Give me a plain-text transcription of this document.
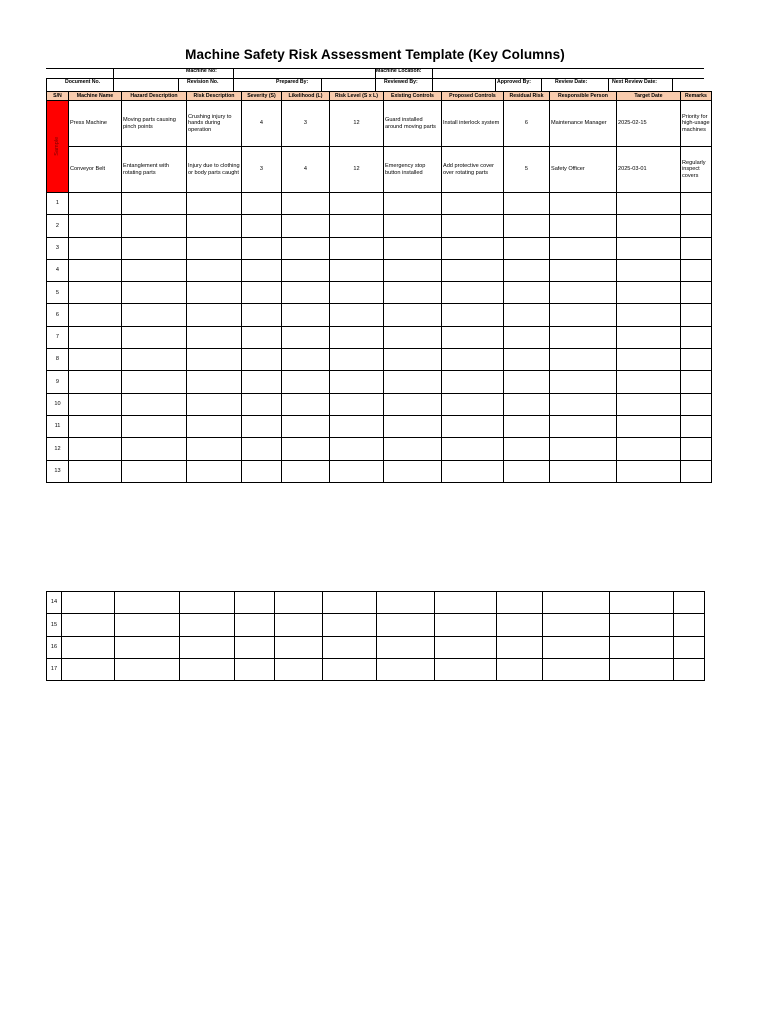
Machine Safety Risk Assessment Template (Key Columns)
Machine No:	Machine Location:
Document No.	Revision No.	Prepared By:	Reviewed By:	Approved By:	Review Date:	Next Review Date:
S/N	Machine Name	Hazard Description	Risk Description	Severity (S)	Likelihood (L)	Risk Level (S x L)	Existing Controls	Proposed Controls	Residual Risk	Responsible Person	Target Date	Remarks
Sample	Press Machine	Moving parts causing pinch points	Crushing injury to hands during operation	4	3	12	Guard installed around moving parts	Install interlock system	6	Maintenance Manager	2025-02-15	Priority for high-usage machines
	Conveyor Belt	Entanglement with rotating parts	Injury due to clothing or body parts caught	3	4	12	Emergency stop button installed	Add protective cover over rotating parts	5	Safety Officer	2025-03-01	Regularly inspect covers
1												
2												
3												
4												
5												
6												
7												
8												
9												
10												
11												
12												
13												
14												
15												
16												
17												
